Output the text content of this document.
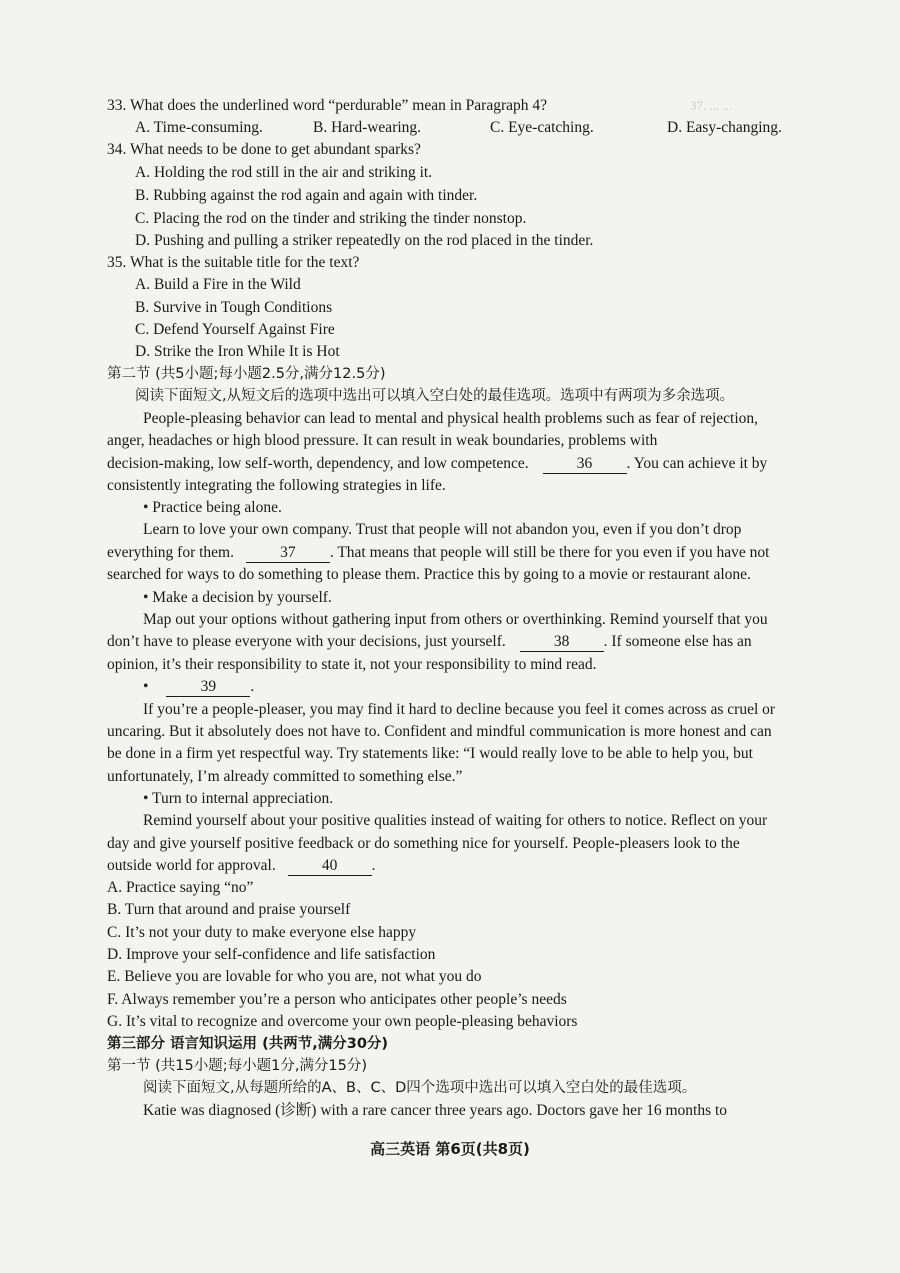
37. ... ...
33. What does the underlined word “perdurable” mean in Paragraph 4?
A. Time-consuming.	B. Hard-wearing.	C. Eye-catching.	D. Easy-changing.
34. What needs to be done to get abundant sparks?
A. Holding the rod still in the air and striking it.
B. Rubbing against the rod again and again with tinder.
C. Placing the rod on the tinder and striking the tinder nonstop.
D. Pushing and pulling a striker repeatedly on the rod placed in the tinder.
35. What is the suitable title for the text?
A. Build a Fire in the Wild
B. Survive in Tough Conditions
C. Defend Yourself Against Fire
D. Strike the Iron While It is Hot
第二节 (共5小题;每小题2.5分,满分12.5分)
阅读下面短文,从短文后的选项中选出可以填入空白处的最佳选项。选项中有两项为多余选项。
People-pleasing behavior can lead to mental and physical health problems such as fear of rejection,
anger, headaches or high blood pressure. It can result in weak boundaries, problems with
decision-making, low self-worth, dependency, and low competence.	36 . You can achieve it by
consistently integrating the following strategies in life.
• Practice being alone.
Learn to love your own company. Trust that people will not abandon you, even if you don’t drop
everything for them.	37 . That means that people will still be there for you even if you have not
searched for ways to do something to please them. Practice this by going to a movie or restaurant alone.
• Make a decision by yourself.
Map out your options without gathering input from others or overthinking. Remind yourself that you
don’t have to please everyone with your decisions, just yourself.	38 . If someone else has an
opinion, it’s their responsibility to state it, not your responsibility to mind read.
•	39 .
If you’re a people-pleaser, you may find it hard to decline because you feel it comes across as cruel or
uncaring. But it absolutely does not have to. Confident and mindful communication is more honest and can
be done in a firm yet respectful way. Try statements like: “I would really love to be able to help you, but
unfortunately, I’m already committed to something else.”
• Turn to internal appreciation.
Remind yourself about your positive qualities instead of waiting for others to notice. Reflect on your
day and give yourself positive feedback or do something nice for yourself. People-pleasers look to the
outside world for approval.	40 .
A. Practice saying “no”
B. Turn that around and praise yourself
C. It’s not your duty to make everyone else happy
D. Improve your self-confidence and life satisfaction
E. Believe you are lovable for who you are, not what you do
F. Always remember you’re a person who anticipates other people’s needs
G. It’s vital to recognize and overcome your own people-pleasing behaviors
第三部分 语言知识运用 (共两节,满分30分)
第一节 (共15小题;每小题1分,满分15分)
阅读下面短文,从每题所给的A、B、C、D四个选项中选出可以填入空白处的最佳选项。
Katie was diagnosed (诊断) with a rare cancer three years ago. Doctors gave her 16 months to
高三英语 第6页(共8页)
